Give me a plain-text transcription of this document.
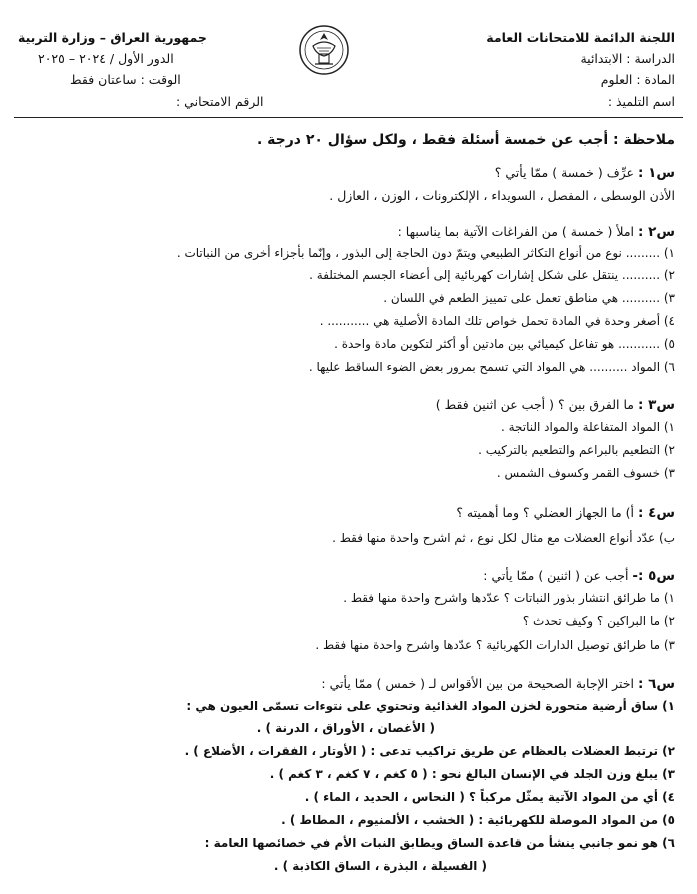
اللجنة الدائمة للامتحانات العامة
الدراسة : الابتدائية
المادة : العلوم
اسم التلميذ :
جمهورية العراق – وزارة التربية
الدور الأول / ٢٠٢٤ – ٢٠٢٥
الوقت : ساعتان فقط
الرقم الامتحاني :
ملاحظة : أجب عن خمسة أسئلة فقط ، ولكل سؤال ٢٠ درجة .
س١ : عرِّف ( خمسة ) ممّا يأتي ؟
الأذن الوسطى ، المفصل ، السويداء ، الإلكترونات ، الوزن ، العازل .
س٢ : املأ ( خمسة ) من الفراغات الآتية بما يناسبها :
١) ......... نوع من أنواع التكاثر الطبيعي ويتمّ دون الحاجة إلى البذور ، وإنّما بأجزاء أخرى من النباتات .
٢) .......... ينتقل على شكل إشارات كهربائية إلى أعضاء الجسم المختلفة .
٣) .......... هي مناطق تعمل على تمييز الطعم في اللسان .
٤) أصغر وحدة في المادة تحمل خواص تلك المادة الأصلية هي ........... .
٥) ........... هو تفاعل كيميائي بين مادتين أو أكثر لتكوين مادة واحدة .
٦) المواد .......... هي المواد التي تسمح بمرور بعض الضوء الساقط عليها .
س٣ : ما الفرق بين ؟ ( أجب عن اثنين فقط )
١) المواد المتفاعلة والمواد الناتجة .
٢) التطعيم بالبراعم والتطعيم بالتركيب .
٣) خسوف القمر وكسوف الشمس .
س٤ : أ) ما الجهاز العضلي ؟ وما أهميته ؟
ب) عدّد أنواع العضلات مع مثال لكل نوع ، ثم اشرح واحدة منها فقط .
س٥ :- أجب عن ( اثنين ) ممّا يأتي :
١) ما طرائق انتشار بذور النباتات ؟ عدّدها واشرح واحدة منها فقط .
٢) ما البراكين ؟ وكيف تحدث ؟
٣) ما طرائق توصيل الدارات الكهربائية ؟ عدّدها واشرح واحدة منها فقط .
س٦ : اختر الإجابة الصحيحة من بين الأقواس لـ ( خمس ) ممّا يأتي :
١) ساق أرضية متحورة لخزن المواد الغذائية وتحتوي على نتوءات تسمّى العيون هي :
( الأغصان ، الأوراق ، الدرنة ) .
٢) ترتبط العضلات بالعظام عن طريق تراكيب تدعى : ( الأوتار ، الفقرات ، الأضلاع ) .
٣) يبلغ وزن الجلد في الإنسان البالغ نحو : ( ٥ كغم ، ٧ كغم ، ٣ كغم ) .
٤) أي من المواد الآتية يمثّل مركباً ؟ ( النحاس ، الحديد ، الماء ) .
٥) من المواد الموصلة للكهربائية : ( الخشب ، الألمنيوم ، المطاط ) .
٦) هو نمو جانبي ينشأ من قاعدة الساق ويطابق النبات الأم في خصائصها العامة :
( الفسيلة ، البذرة ، الساق الكاذبة ) .
